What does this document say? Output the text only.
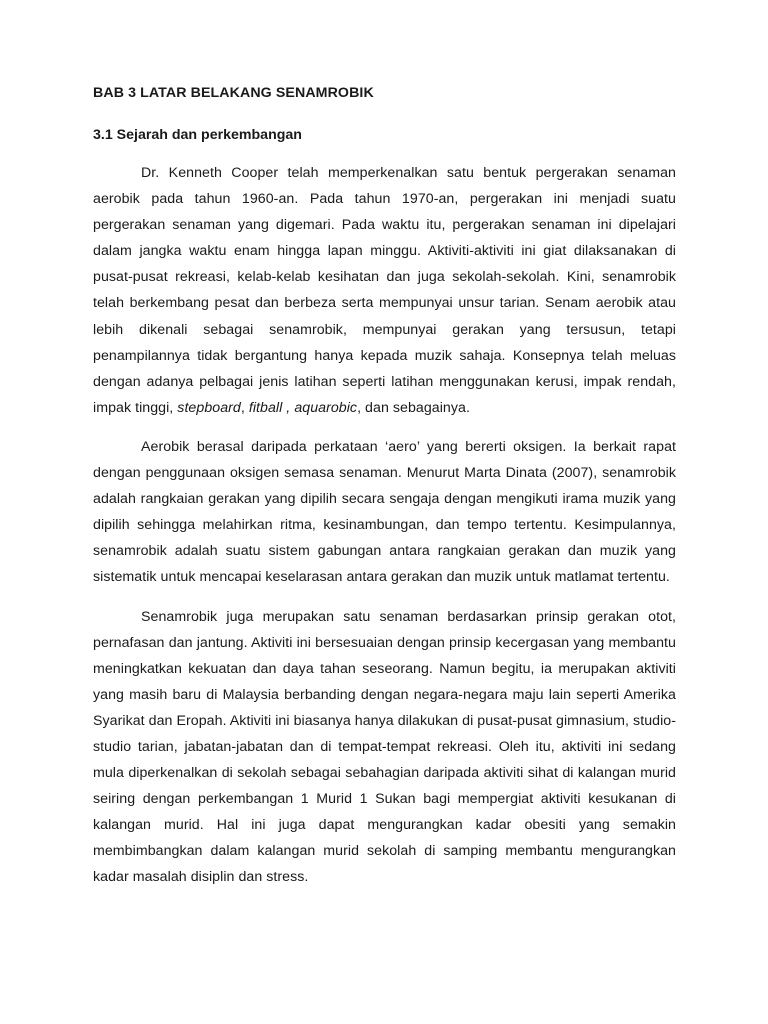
BAB 3 LATAR BELAKANG SENAMROBIK
3.1 Sejarah dan perkembangan

Dr. Kenneth Cooper telah memperkenalkan satu bentuk pergerakan senaman aerobik pada tahun 1960-an. Pada tahun 1970-an, pergerakan ini menjadi suatu pergerakan senaman yang digemari. Pada waktu itu, pergerakan senaman ini dipelajari dalam jangka waktu enam hingga lapan minggu. Aktiviti-aktiviti ini giat dilaksanakan di pusat-pusat rekreasi, kelab-kelab kesihatan dan juga sekolah-sekolah. Kini, senamrobik telah berkembang pesat dan berbeza serta mempunyai unsur tarian. Senam aerobik atau lebih dikenali sebagai senamrobik, mempunyai gerakan yang tersusun, tetapi penampilannya tidak bergantung hanya kepada muzik sahaja. Konsepnya telah meluas dengan adanya pelbagai jenis latihan seperti latihan menggunakan kerusi, impak rendah, impak tinggi, stepboard, fitball , aquarobic, dan sebagainya.

Aerobik berasal daripada perkataan ‘aero’ yang bererti oksigen. Ia berkait rapat dengan penggunaan oksigen semasa senaman. Menurut Marta Dinata (2007), senamrobik adalah rangkaian gerakan yang dipilih secara sengaja dengan mengikuti irama muzik yang dipilih sehingga melahirkan ritma, kesinambungan, dan tempo tertentu. Kesimpulannya, senamrobik adalah suatu sistem gabungan antara rangkaian gerakan dan muzik yang sistematik untuk mencapai keselarasan antara gerakan dan muzik untuk matlamat tertentu.

Senamrobik juga merupakan satu senaman berdasarkan prinsip gerakan otot, pernafasan dan jantung. Aktiviti ini bersesuaian dengan prinsip kecergasan yang membantu meningkatkan kekuatan dan daya tahan seseorang. Namun begitu, ia merupakan aktiviti yang masih baru di Malaysia berbanding dengan negara-negara maju lain seperti Amerika Syarikat dan Eropah. Aktiviti ini biasanya hanya dilakukan di pusat-pusat gimnasium, studio-studio tarian, jabatan-jabatan dan di tempat-tempat rekreasi. Oleh itu, aktiviti ini sedang mula diperkenalkan di sekolah sebagai sebahagian daripada aktiviti sihat di kalangan murid seiring dengan perkembangan 1 Murid 1 Sukan bagi mempergiat aktiviti kesukanan di kalangan murid. Hal ini juga dapat mengurangkan kadar obesiti yang semakin membimbangkan dalam kalangan murid sekolah di samping membantu mengurangkan kadar masalah disiplin dan stress.
